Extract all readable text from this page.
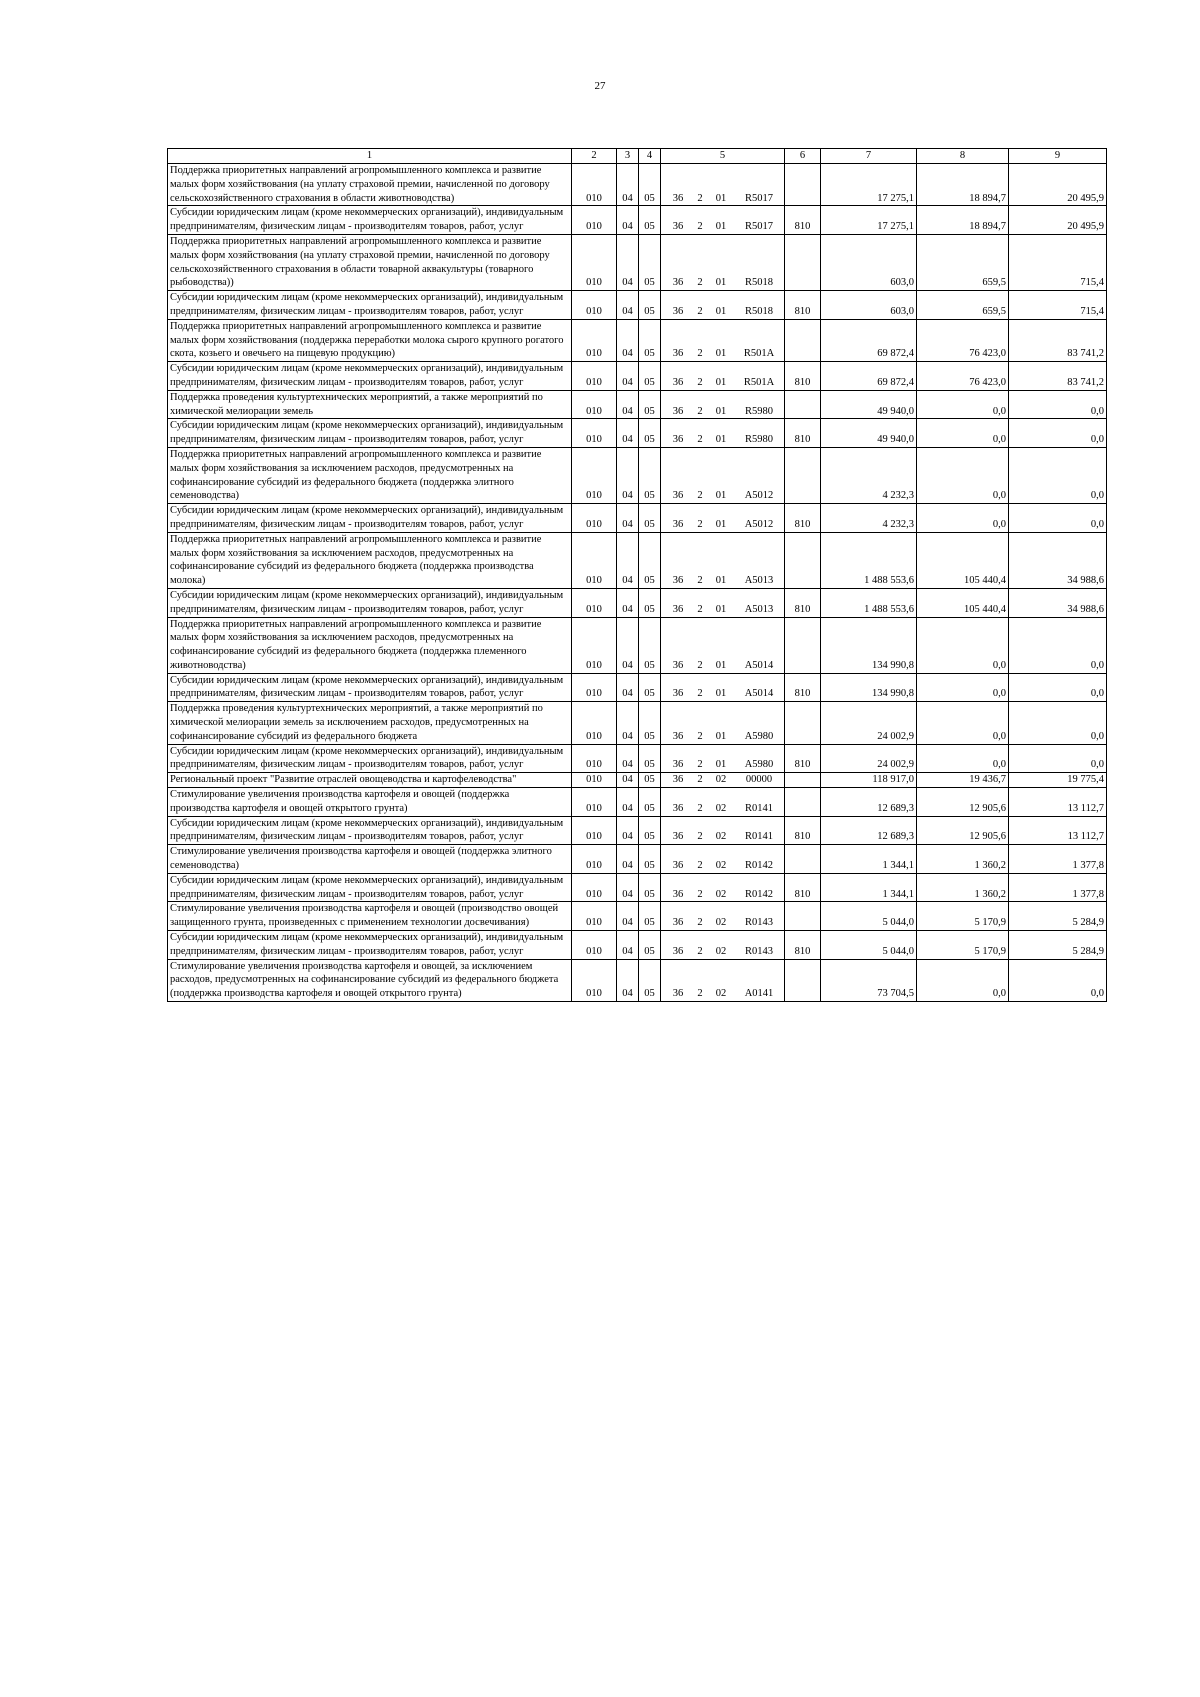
27
1	2	3	4	5	6	7	8	9
Поддержка приоритетных направлений агропромышленного комплекса и развитие малых форм хозяйствования (на уплату страховой премии, начисленной по договору сельскохозяйственного страхования в области животноводства)	010	04	05	36 2 01 R5017		17 275,1	18 894,7	20 495,9
Субсидии юридическим лицам (кроме некоммерческих организаций), индивидуальным предпринимателям, физическим лицам - производителям товаров, работ, услуг	010	04	05	36 2 01 R5017	810	17 275,1	18 894,7	20 495,9
Поддержка приоритетных направлений агропромышленного комплекса и развитие малых форм хозяйствования (на уплату страховой премии, начисленной по договору сельскохозяйственного страхования в области товарной аквакультуры (товарного рыбоводства))	010	04	05	36 2 01 R5018		603,0	659,5	715,4
Субсидии юридическим лицам (кроме некоммерческих организаций), индивидуальным предпринимателям, физическим лицам - производителям товаров, работ, услуг	010	04	05	36 2 01 R5018	810	603,0	659,5	715,4
Поддержка приоритетных направлений агропромышленного комплекса и развитие малых форм хозяйствования (поддержка переработки молока сырого крупного рогатого скота, козьего и овечьего на пищевую продукцию)	010	04	05	36 2 01 R501A		69 872,4	76 423,0	83 741,2
Субсидии юридическим лицам (кроме некоммерческих организаций), индивидуальным предпринимателям, физическим лицам - производителям товаров, работ, услуг	010	04	05	36 2 01 R501A	810	69 872,4	76 423,0	83 741,2
Поддержка проведения культуртехнических мероприятий, а также мероприятий по химической мелиорации земель	010	04	05	36 2 01 R5980		49 940,0	0,0	0,0
Субсидии юридическим лицам (кроме некоммерческих организаций), индивидуальным предпринимателям, физическим лицам - производителям товаров, работ, услуг	010	04	05	36 2 01 R5980	810	49 940,0	0,0	0,0
Поддержка приоритетных направлений агропромышленного комплекса и развитие малых форм хозяйствования за исключением расходов, предусмотренных на софинансирование субсидий из федерального бюджета (поддержка элитного семеноводства)	010	04	05	36 2 01 A5012		4 232,3	0,0	0,0
Субсидии юридическим лицам (кроме некоммерческих организаций), индивидуальным предпринимателям, физическим лицам - производителям товаров, работ, услуг	010	04	05	36 2 01 A5012	810	4 232,3	0,0	0,0
Поддержка приоритетных направлений агропромышленного комплекса и развитие малых форм хозяйствования за исключением расходов, предусмотренных на софинансирование субсидий из федерального бюджета (поддержка производства молока)	010	04	05	36 2 01 A5013		1 488 553,6	105 440,4	34 988,6
Субсидии юридическим лицам (кроме некоммерческих организаций), индивидуальным предпринимателям, физическим лицам - производителям товаров, работ, услуг	010	04	05	36 2 01 A5013	810	1 488 553,6	105 440,4	34 988,6
Поддержка приоритетных направлений агропромышленного комплекса и развитие малых форм хозяйствования за исключением расходов, предусмотренных на софинансирование субсидий из федерального бюджета (поддержка племенного животноводства)	010	04	05	36 2 01 A5014		134 990,8	0,0	0,0
Субсидии юридическим лицам (кроме некоммерческих организаций), индивидуальным предпринимателям, физическим лицам - производителям товаров, работ, услуг	010	04	05	36 2 01 A5014	810	134 990,8	0,0	0,0
Поддержка проведения культуртехнических мероприятий, а также мероприятий по химической мелиорации земель за исключением расходов, предусмотренных на софинансирование субсидий из федерального бюджета	010	04	05	36 2 01 A5980		24 002,9	0,0	0,0
Субсидии юридическим лицам (кроме некоммерческих организаций), индивидуальным предпринимателям, физическим лицам - производителям товаров, работ, услуг	010	04	05	36 2 01 A5980	810	24 002,9	0,0	0,0
Региональный проект "Развитие отраслей овощеводства и картофелеводства"	010	04	05	36 2 02 00000		118 917,0	19 436,7	19 775,4
Стимулирование увеличения производства картофеля и овощей (поддержка производства картофеля и овощей открытого грунта)	010	04	05	36 2 02 R0141		12 689,3	12 905,6	13 112,7
Субсидии юридическим лицам (кроме некоммерческих организаций), индивидуальным предпринимателям, физическим лицам - производителям товаров, работ, услуг	010	04	05	36 2 02 R0141	810	12 689,3	12 905,6	13 112,7
Стимулирование увеличения производства картофеля и овощей (поддержка элитного семеноводства)	010	04	05	36 2 02 R0142		1 344,1	1 360,2	1 377,8
Субсидии юридическим лицам (кроме некоммерческих организаций), индивидуальным предпринимателям, физическим лицам - производителям товаров, работ, услуг	010	04	05	36 2 02 R0142	810	1 344,1	1 360,2	1 377,8
Стимулирование увеличения производства картофеля и овощей (производство овощей защищенного грунта, произведенных с применением технологии досвечивания)	010	04	05	36 2 02 R0143		5 044,0	5 170,9	5 284,9
Субсидии юридическим лицам (кроме некоммерческих организаций), индивидуальным предпринимателям, физическим лицам - производителям товаров, работ, услуг	010	04	05	36 2 02 R0143	810	5 044,0	5 170,9	5 284,9
Стимулирование увеличения производства картофеля и овощей, за исключением расходов, предусмотренных на софинансирование субсидий из федерального бюджета (поддержка производства картофеля и овощей открытого грунта)	010	04	05	36 2 02 A0141		73 704,5	0,0	0,0
